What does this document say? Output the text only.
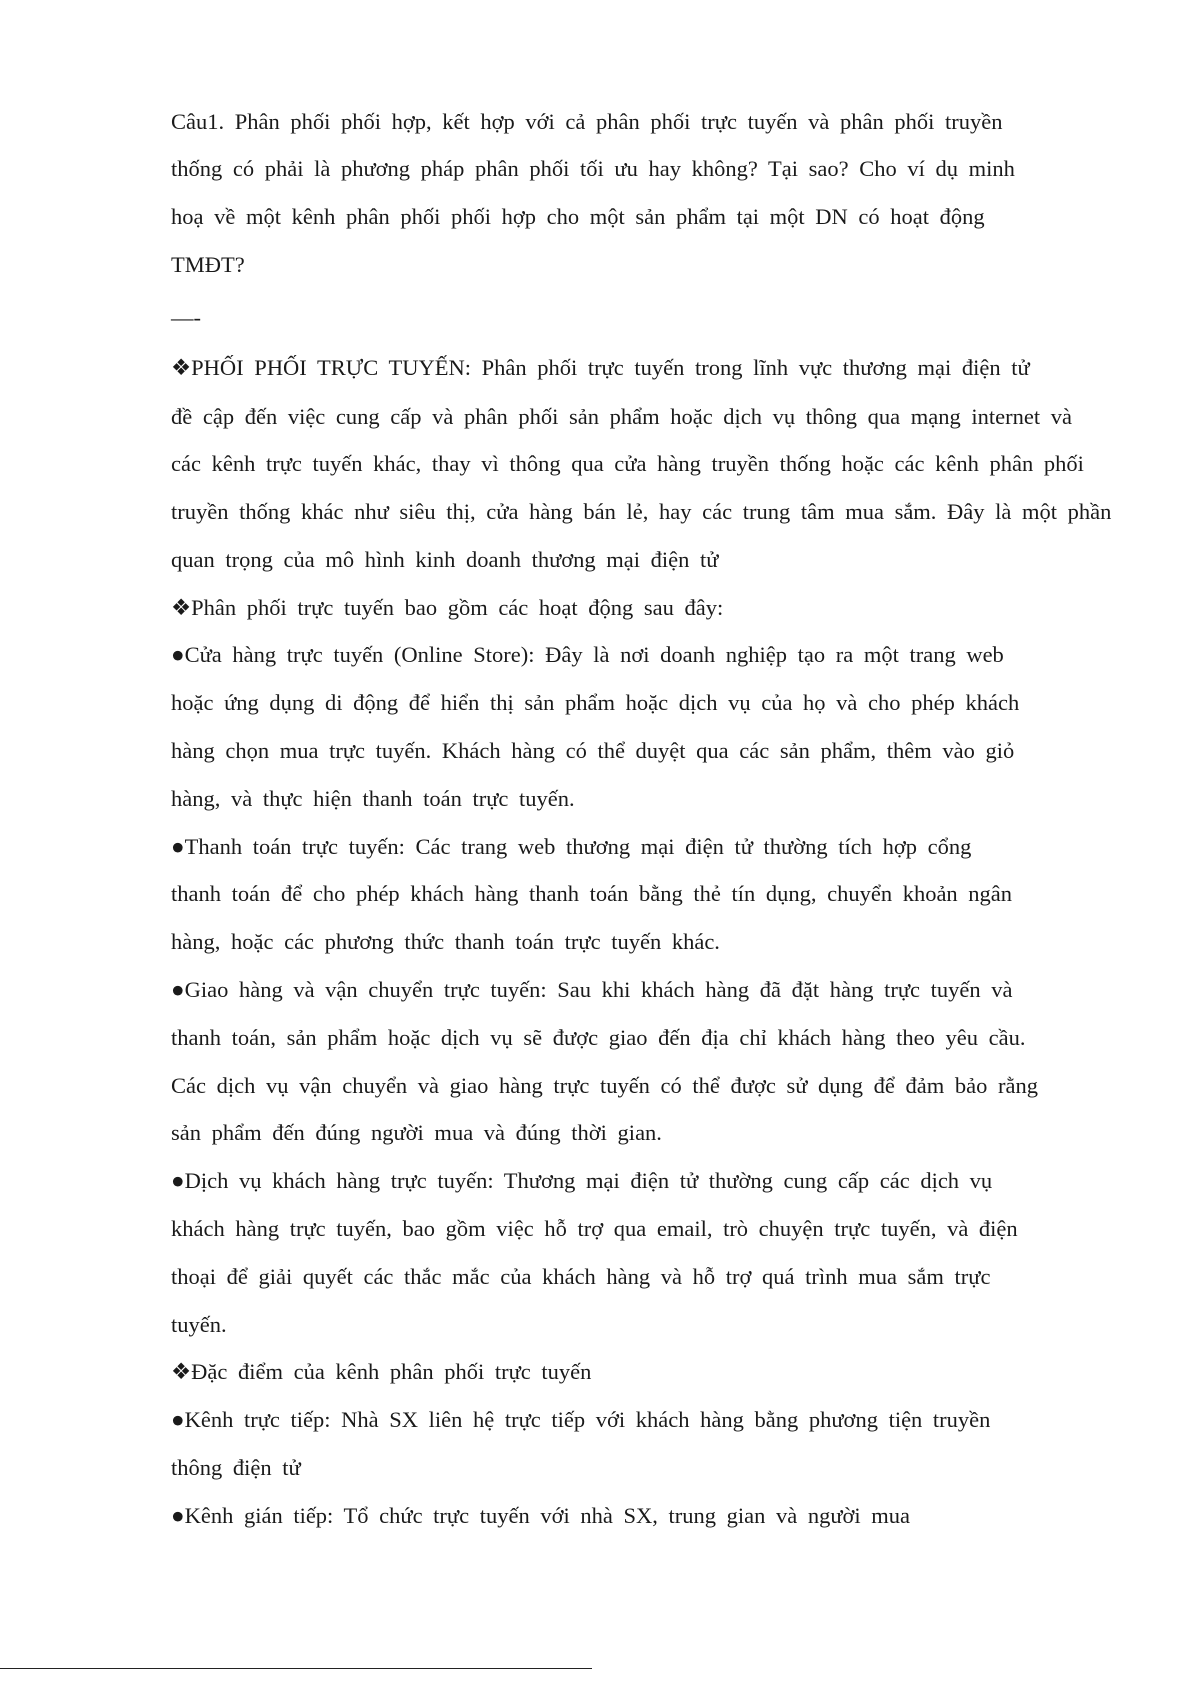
Câu1. Phân phối phối hợp, kết hợp với cả phân phối trực tuyến và phân phối truyền
thống có phải là phương pháp phân phối tối ưu hay không? Tại sao? Cho ví dụ minh
hoạ về một kênh phân phối phối hợp cho một sản phẩm tại một DN có hoạt động
TMĐT?
—-
❖PHỐI PHỐI TRỰC TUYẾN: Phân phối trực tuyến trong lĩnh vực thương mại điện tử
đề cập đến việc cung cấp và phân phối sản phẩm hoặc dịch vụ thông qua mạng internet và
các kênh trực tuyến khác, thay vì thông qua cửa hàng truyền thống hoặc các kênh phân phối
truyền thống khác như siêu thị, cửa hàng bán lẻ, hay các trung tâm mua sắm. Đây là một phần
quan trọng của mô hình kinh doanh thương mại điện tử
❖Phân phối trực tuyến bao gồm các hoạt động sau đây:
●Cửa hàng trực tuyến (Online Store): Đây là nơi doanh nghiệp tạo ra một trang web
hoặc ứng dụng di động để hiển thị sản phẩm hoặc dịch vụ của họ và cho phép khách
hàng chọn mua trực tuyến. Khách hàng có thể duyệt qua các sản phẩm, thêm vào giỏ
hàng, và thực hiện thanh toán trực tuyến.
●Thanh toán trực tuyến: Các trang web thương mại điện tử thường tích hợp cổng
thanh toán để cho phép khách hàng thanh toán bằng thẻ tín dụng, chuyển khoản ngân
hàng, hoặc các phương thức thanh toán trực tuyến khác.
●Giao hàng và vận chuyển trực tuyến: Sau khi khách hàng đã đặt hàng trực tuyến và
thanh toán, sản phẩm hoặc dịch vụ sẽ được giao đến địa chỉ khách hàng theo yêu cầu.
Các dịch vụ vận chuyển và giao hàng trực tuyến có thể được sử dụng để đảm bảo rằng
sản phẩm đến đúng người mua và đúng thời gian.
●Dịch vụ khách hàng trực tuyến: Thương mại điện tử thường cung cấp các dịch vụ
khách hàng trực tuyến, bao gồm việc hỗ trợ qua email, trò chuyện trực tuyến, và điện
thoại để giải quyết các thắc mắc của khách hàng và hỗ trợ quá trình mua sắm trực
tuyến.
❖Đặc điểm của kênh phân phối trực tuyến
●Kênh trực tiếp: Nhà SX liên hệ trực tiếp với khách hàng bằng phương tiện truyền
thông điện tử
●Kênh gián tiếp: Tổ chức trực tuyến với nhà SX, trung gian và người mua
